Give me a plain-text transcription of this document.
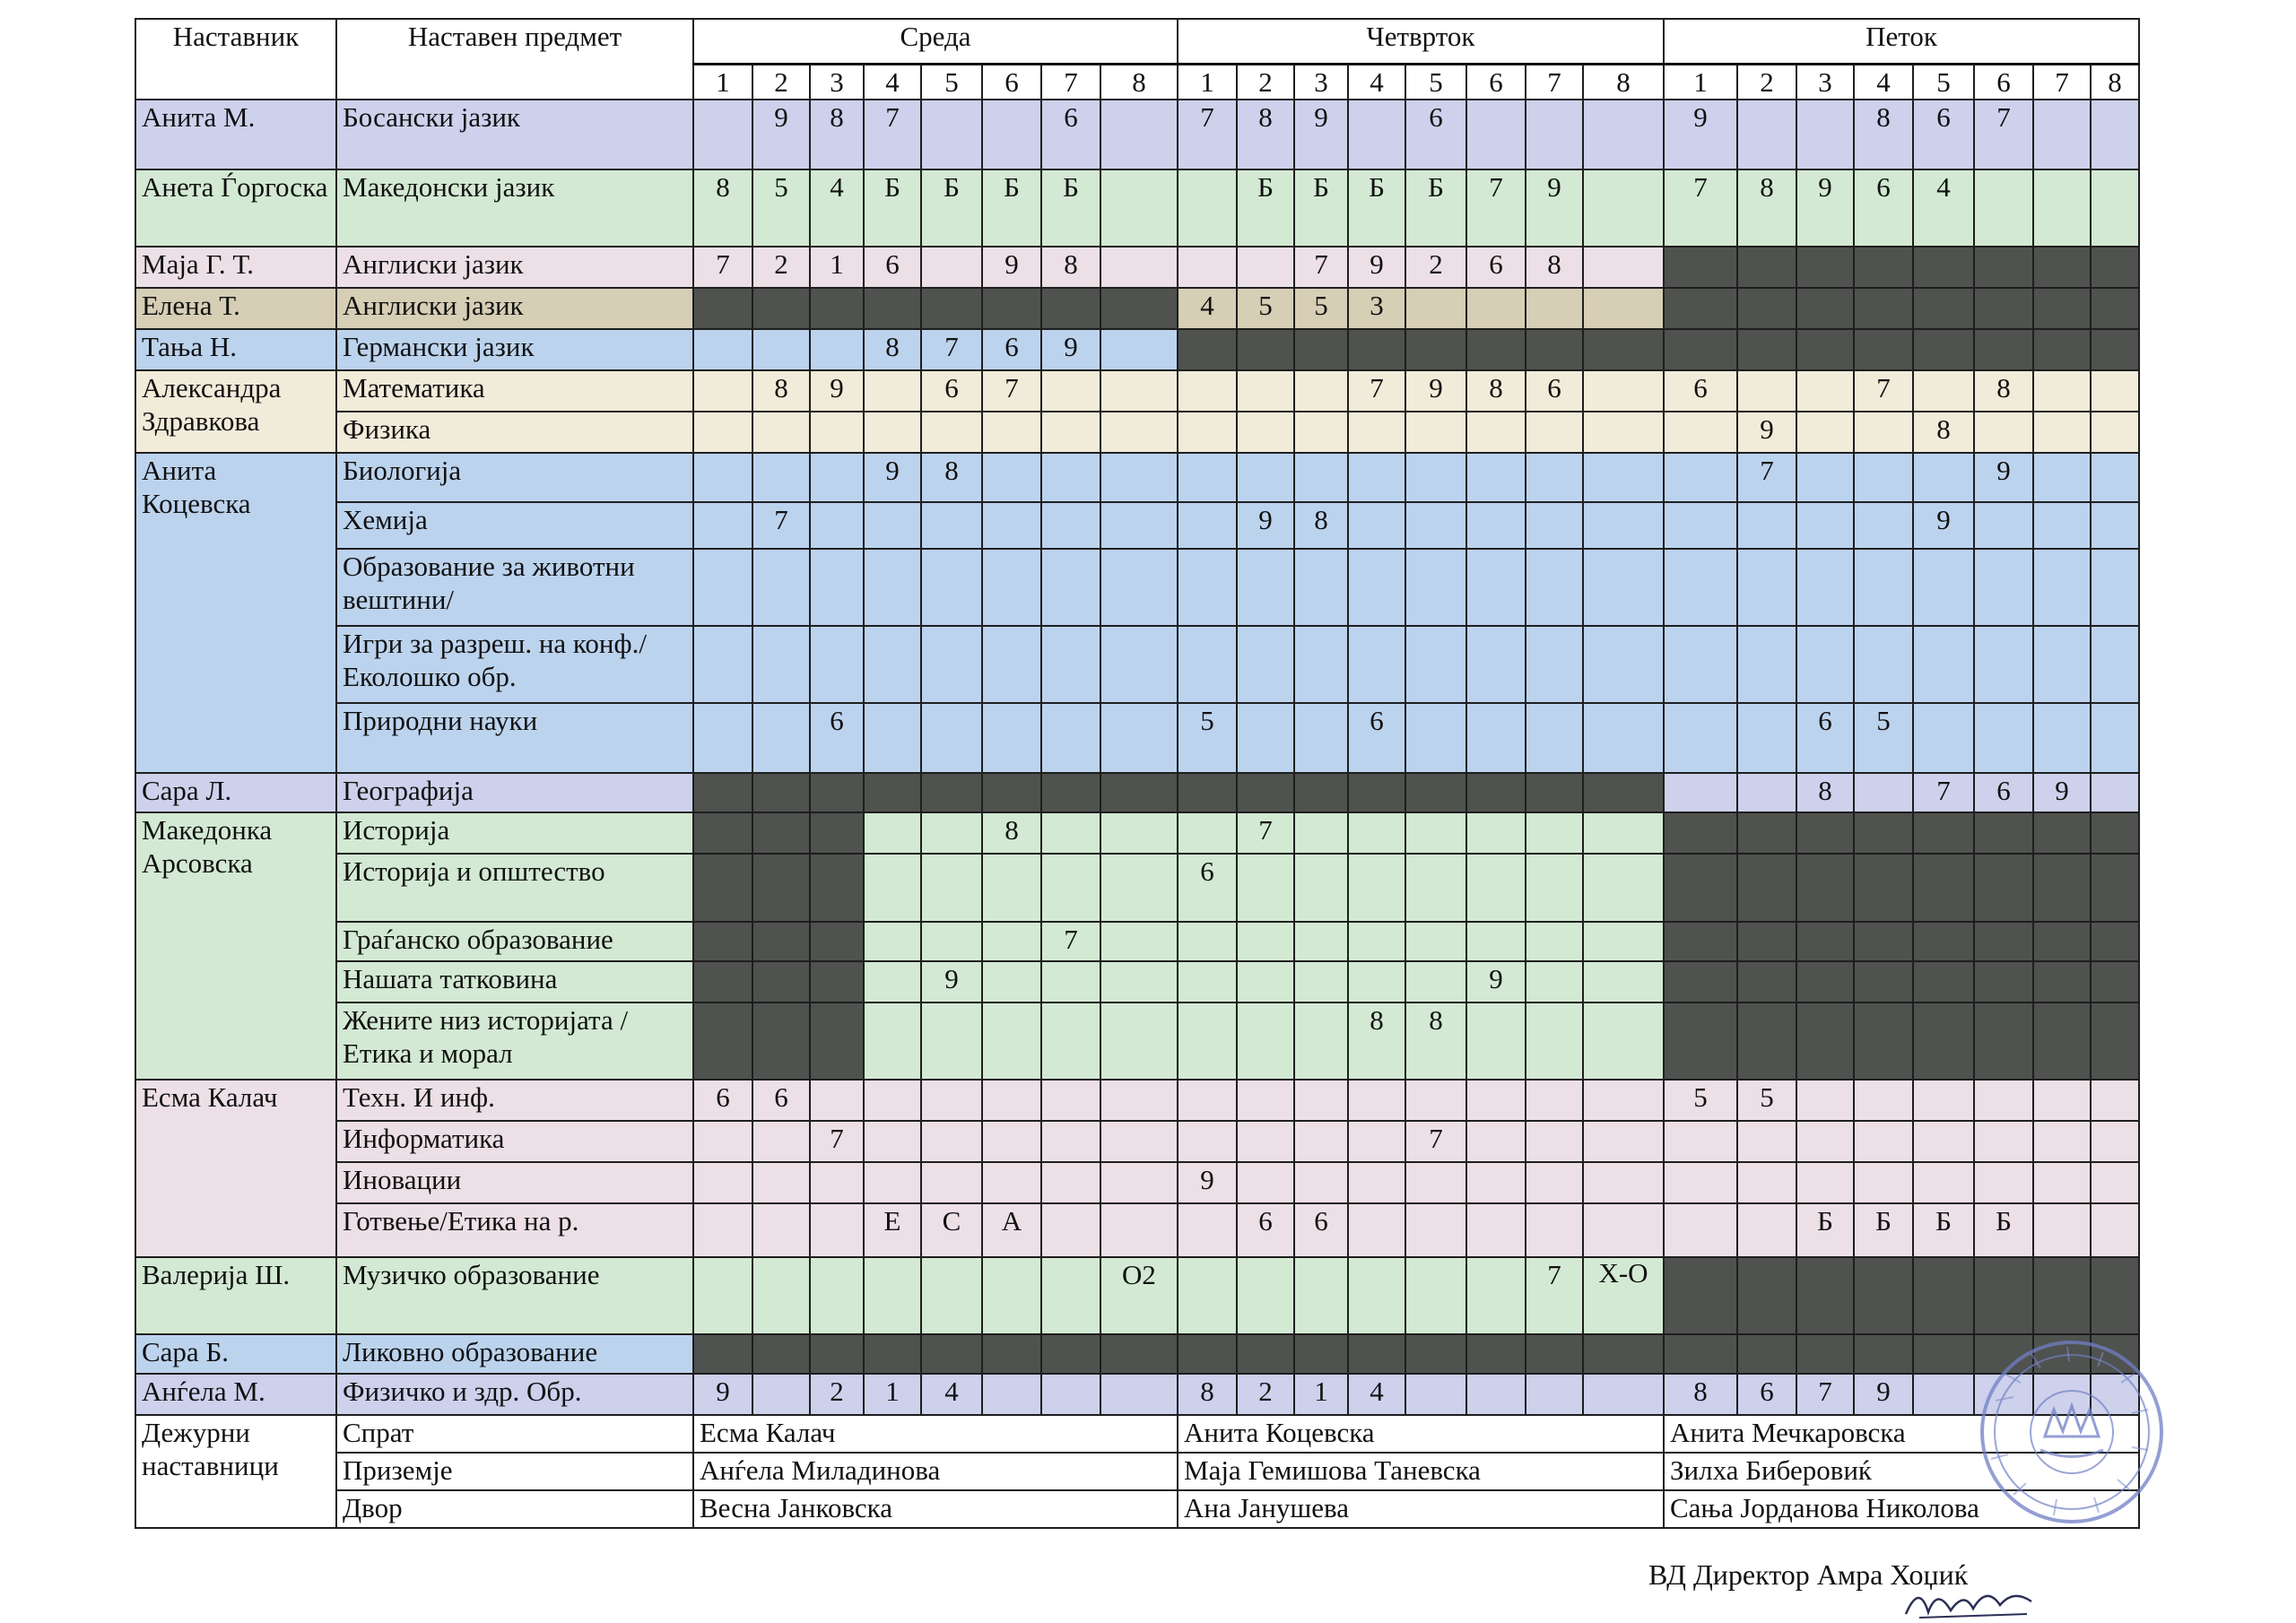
Наставник	Наставен предмет	Среда								Четврток								Петок							
		1	2	3	4	5	6	7	8	1	2	3	4	5	6	7	8	1	2	3	4	5	6	7	8
Анита М.	Босански јазик		9	8	7			6		7	8	9		6				9			8	6	7		
Анета Ѓоргоска	Македонски јазик	8	5	4	Б	Б	Б	Б			Б	Б	Б	Б	7	9		7	8	9	6	4			
Маја Г. Т.	Англиски јазик	7	2	1	6		9	8				7	9	2	6	8									
Елена Т.	Англиски јазик									4	5	5	3												
Тања Н.	Германски јазик				8	7	6	9																	
Александра Здравкова	Математика		8	9		6	7						7	9	8	6		6			7		8		
	Физика																		9			8			
Анита Коцевска	Биологија				9	8													7				9		
	Хемија		7								9	8										9			
	Образование за животни вештини/																								
	Игри за разреш. на конф./Еколошко обр.																								
	Природни науки			6						5			6							6	5				
Сара Л.	Географија																			8		7	6	9	
Македонка Арсовска	Историја						8				7														
	Историја и општество									6															
	Граѓанско образование							7																	
	Нашата татковина					9									9										
	Жените низ историјата /Етика и морал												8	8											
Есма Калач	Техн. И инф.	6	6															5	5						
	Информатика			7										7											
	Иновации									9															
	Готвење/Етика на р.				Е	С	А				6	6								Б	Б	Б	Б		
Валерија Ш.	Музичко образование								О2							7	Х-О								
Сара Б.	Ликовно образование																								
Анѓела М.	Физичко и здр. Обр.	9		2	1	4				8	2	1	4					8	6	7	9				
Дежурни наставници	Спрат	Есма Калач								Анита Коцевска								Анита Мечкаровска							
	Приземје	Анѓела Миладинова								Маја Гемишова Таневска								Зилха Биберовиќ							
	Двор	Весна Јанковска								Ана Јанушева								Сања Јорданова Николова							
ВД Директор Амра Хоџиќ
